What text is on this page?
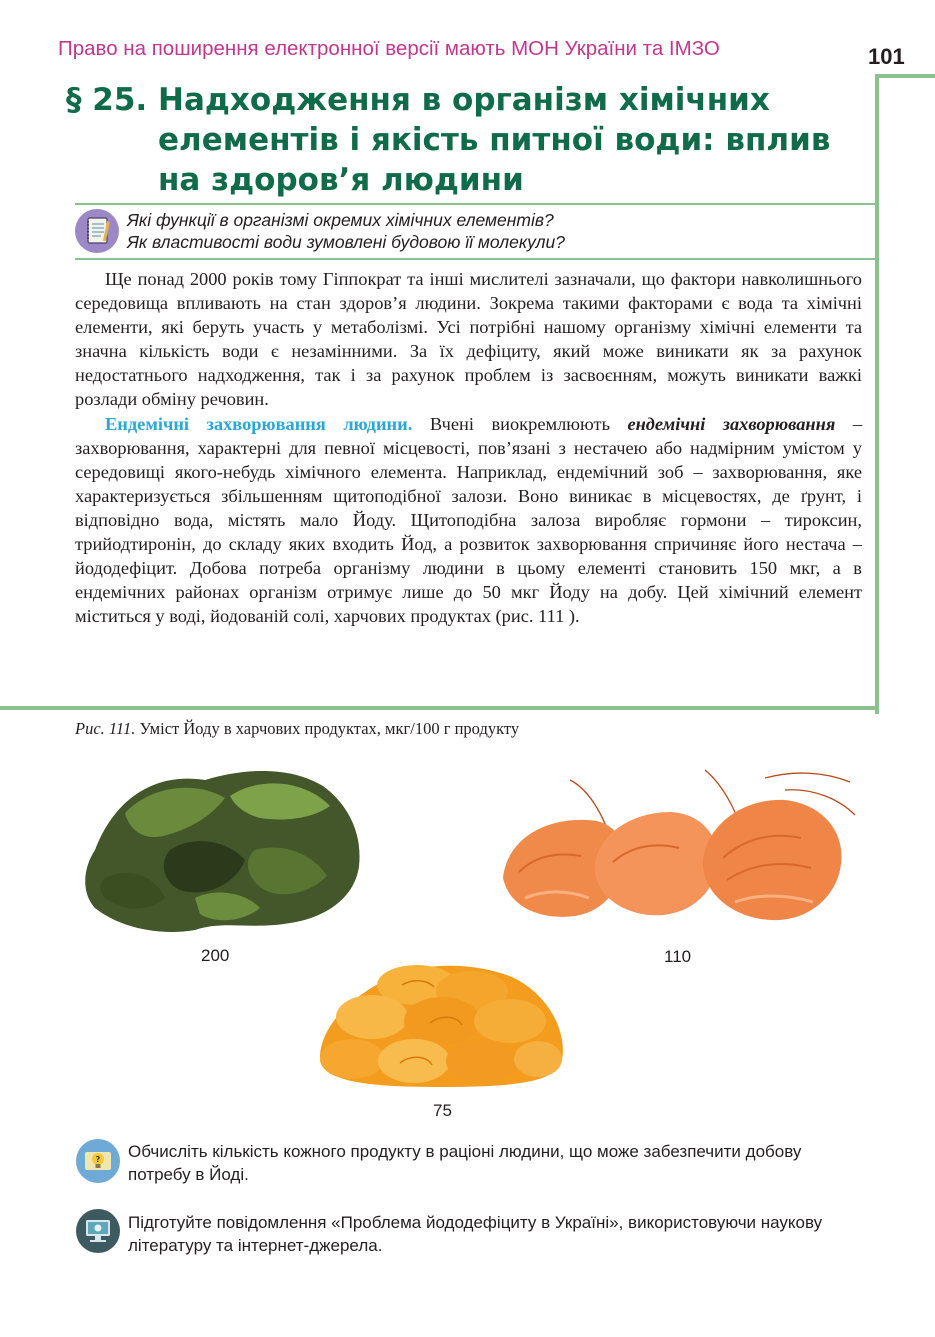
Право на поширення електронної версії мають МОН України та ІМЗО	101
§ 25. Надходження в організм хімічних
елементів і якість питної води: вплив
на здоров’я людини
Які функції в організмі окремих хімічних елементів?
Як властивості води зумовлені будовою її молекули?

Ще понад 2000 років тому Гіппократ та інші мислителі зазначали, що фактори навколишнього середовища впливають на стан здоров’я людини. Зокрема такими факторами є вода та хімічні елементи, які беруть участь у метаболізмі. Усі потрібні нашому організму хімічні елементи та значна кількість води є незамінними. За їх дефіциту, який може виникати як за рахунок недостатнього надходження, так і за рахунок проблем із засвоєнням, можуть виникати важкі розлади обміну речовин.

Ендемічні захворювання людини. Вчені виокремлюють ендемічні захворювання – захворювання, характерні для певної місцевості, пов’язані з нестачею або надмірним умістом у середовищі якого-небудь хімічного елемента. Наприклад, ендемічний зоб – захворювання, яке характеризується збільшенням щитоподібної залози. Воно виникає в місцевостях, де ґрунт, і відповідно вода, містять мало Йоду. Щитоподібна залоза виробляє гормони – тироксин, трийодтиронін, до складу яких входить Йод, а розвиток захворювання спричиняє його нестача – йододефіцит. Добова потреба організму людини в цьому елементі становить 150 мкг, а в ендемічних районах організм отримує лише до 50 мкг Йоду на добу. Цей хімічний елемент міститься у воді, йодованій солі, харчових продуктах (рис. 111 ).

Рис. 111. Уміст Йоду в харчових продуктах, мкг/100 г продукту
200	110
75
? Обчисліть кількість кожного продукту в раціоні людини, що може забезпечити добову потребу в Йоді.
Підготуйте повідомлення «Проблема йододефіциту в Україні», використовуючи наукову літературу та інтернет-джерела.
